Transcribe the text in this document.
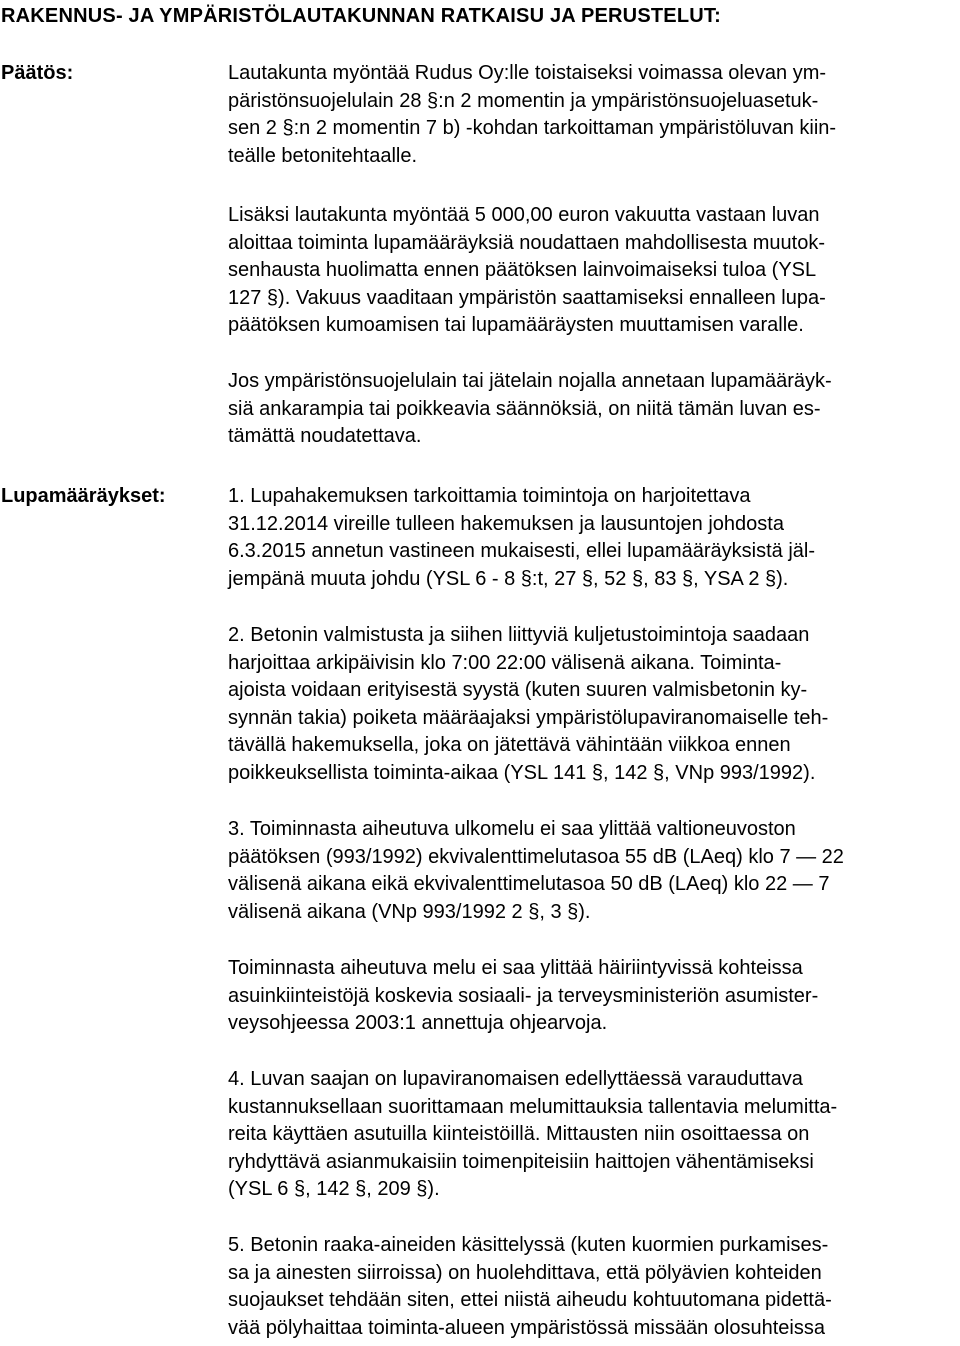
RAKENNUS- JA YMPÄRISTÖLAUTAKUNNAN RATKAISU JA PERUSTELUT:
Päätös:
Lupamääräykset:

Lautakunta myöntää Rudus Oy:lle toistaiseksi voimassa olevan ym-
päristönsuojelulain 28 §:n 2 momentin ja ympäristönsuojeluasetuk-
sen 2 §:n 2 momentin 7 b) -kohdan tarkoittaman ympäristöluvan kiin-
teälle betonitehtaalle.

Lisäksi lautakunta myöntää 5 000,00 euron vakuutta vastaan luvan
aloittaa toiminta lupamääräyksiä noudattaen mahdollisesta muutok-
senhausta huolimatta ennen päätöksen lainvoimaiseksi tuloa (YSL
127 §). Vakuus vaaditaan ympäristön saattamiseksi ennalleen lupa-
päätöksen kumoamisen tai lupamääräysten muuttamisen varalle.

Jos ympäristönsuojelulain tai jätelain nojalla annetaan lupamääräyk-
siä ankarampia tai poikkeavia säännöksiä, on niitä tämän luvan es-
tämättä noudatettava.

1. Lupahakemuksen tarkoittamia toimintoja on harjoitettava
31.12.2014 vireille tulleen hakemuksen ja lausuntojen johdosta
6.3.2015 annetun vastineen mukaisesti, ellei lupamääräyksistä jäl-
jempänä muuta johdu (YSL 6 - 8 §:t, 27 §, 52 §, 83 §, YSA 2 §).

2. Betonin valmistusta ja siihen liittyviä kuljetustoimintoja saadaan
harjoittaa arkipäivisin klo 7:00 22:00 välisenä aikana. Toiminta-
ajoista voidaan erityisestä syystä (kuten suuren valmisbetonin ky-
synnän takia) poiketa määräajaksi ympäristölupaviranomaiselle teh-
tävällä hakemuksella, joka on jätettävä vähintään viikkoa ennen
poikkeuksellista toiminta-aikaa (YSL 141 §, 142 §, VNp 993/1992).

3. Toiminnasta aiheutuva ulkomelu ei saa ylittää valtioneuvoston
päätöksen (993/1992) ekvivalenttimelutasoa 55 dB (LAeq) klo 7 — 22
välisenä aikana eikä ekvivalenttimelutasoa 50 dB (LAeq) klo 22 — 7
välisenä aikana (VNp 993/1992 2 §, 3 §).

Toiminnasta aiheutuva melu ei saa ylittää häiriintyvissä kohteissa
asuinkiinteistöjä koskevia sosiaali- ja terveysministeriön asumister-
veysohjeessa 2003:1 annettuja ohjearvoja.

4. Luvan saajan on lupaviranomaisen edellyttäessä varauduttava
kustannuksellaan suorittamaan melumittauksia tallentavia melumitta-
reita käyttäen asutuilla kiinteistöillä. Mittausten niin osoittaessa on
ryhdyttävä asianmukaisiin toimenpiteisiin haittojen vähentämiseksi
(YSL 6 §, 142 §, 209 §).

5. Betonin raaka-aineiden käsittelyssä (kuten kuormien purkamises-
sa ja ainesten siirroissa) on huolehdittava, että pölyävien kohteiden
suojaukset tehdään siten, ettei niistä aiheudu kohtuutomana pidettä-
vää pölyhaittaa toiminta-alueen ympäristössä missään olosuhteissa
